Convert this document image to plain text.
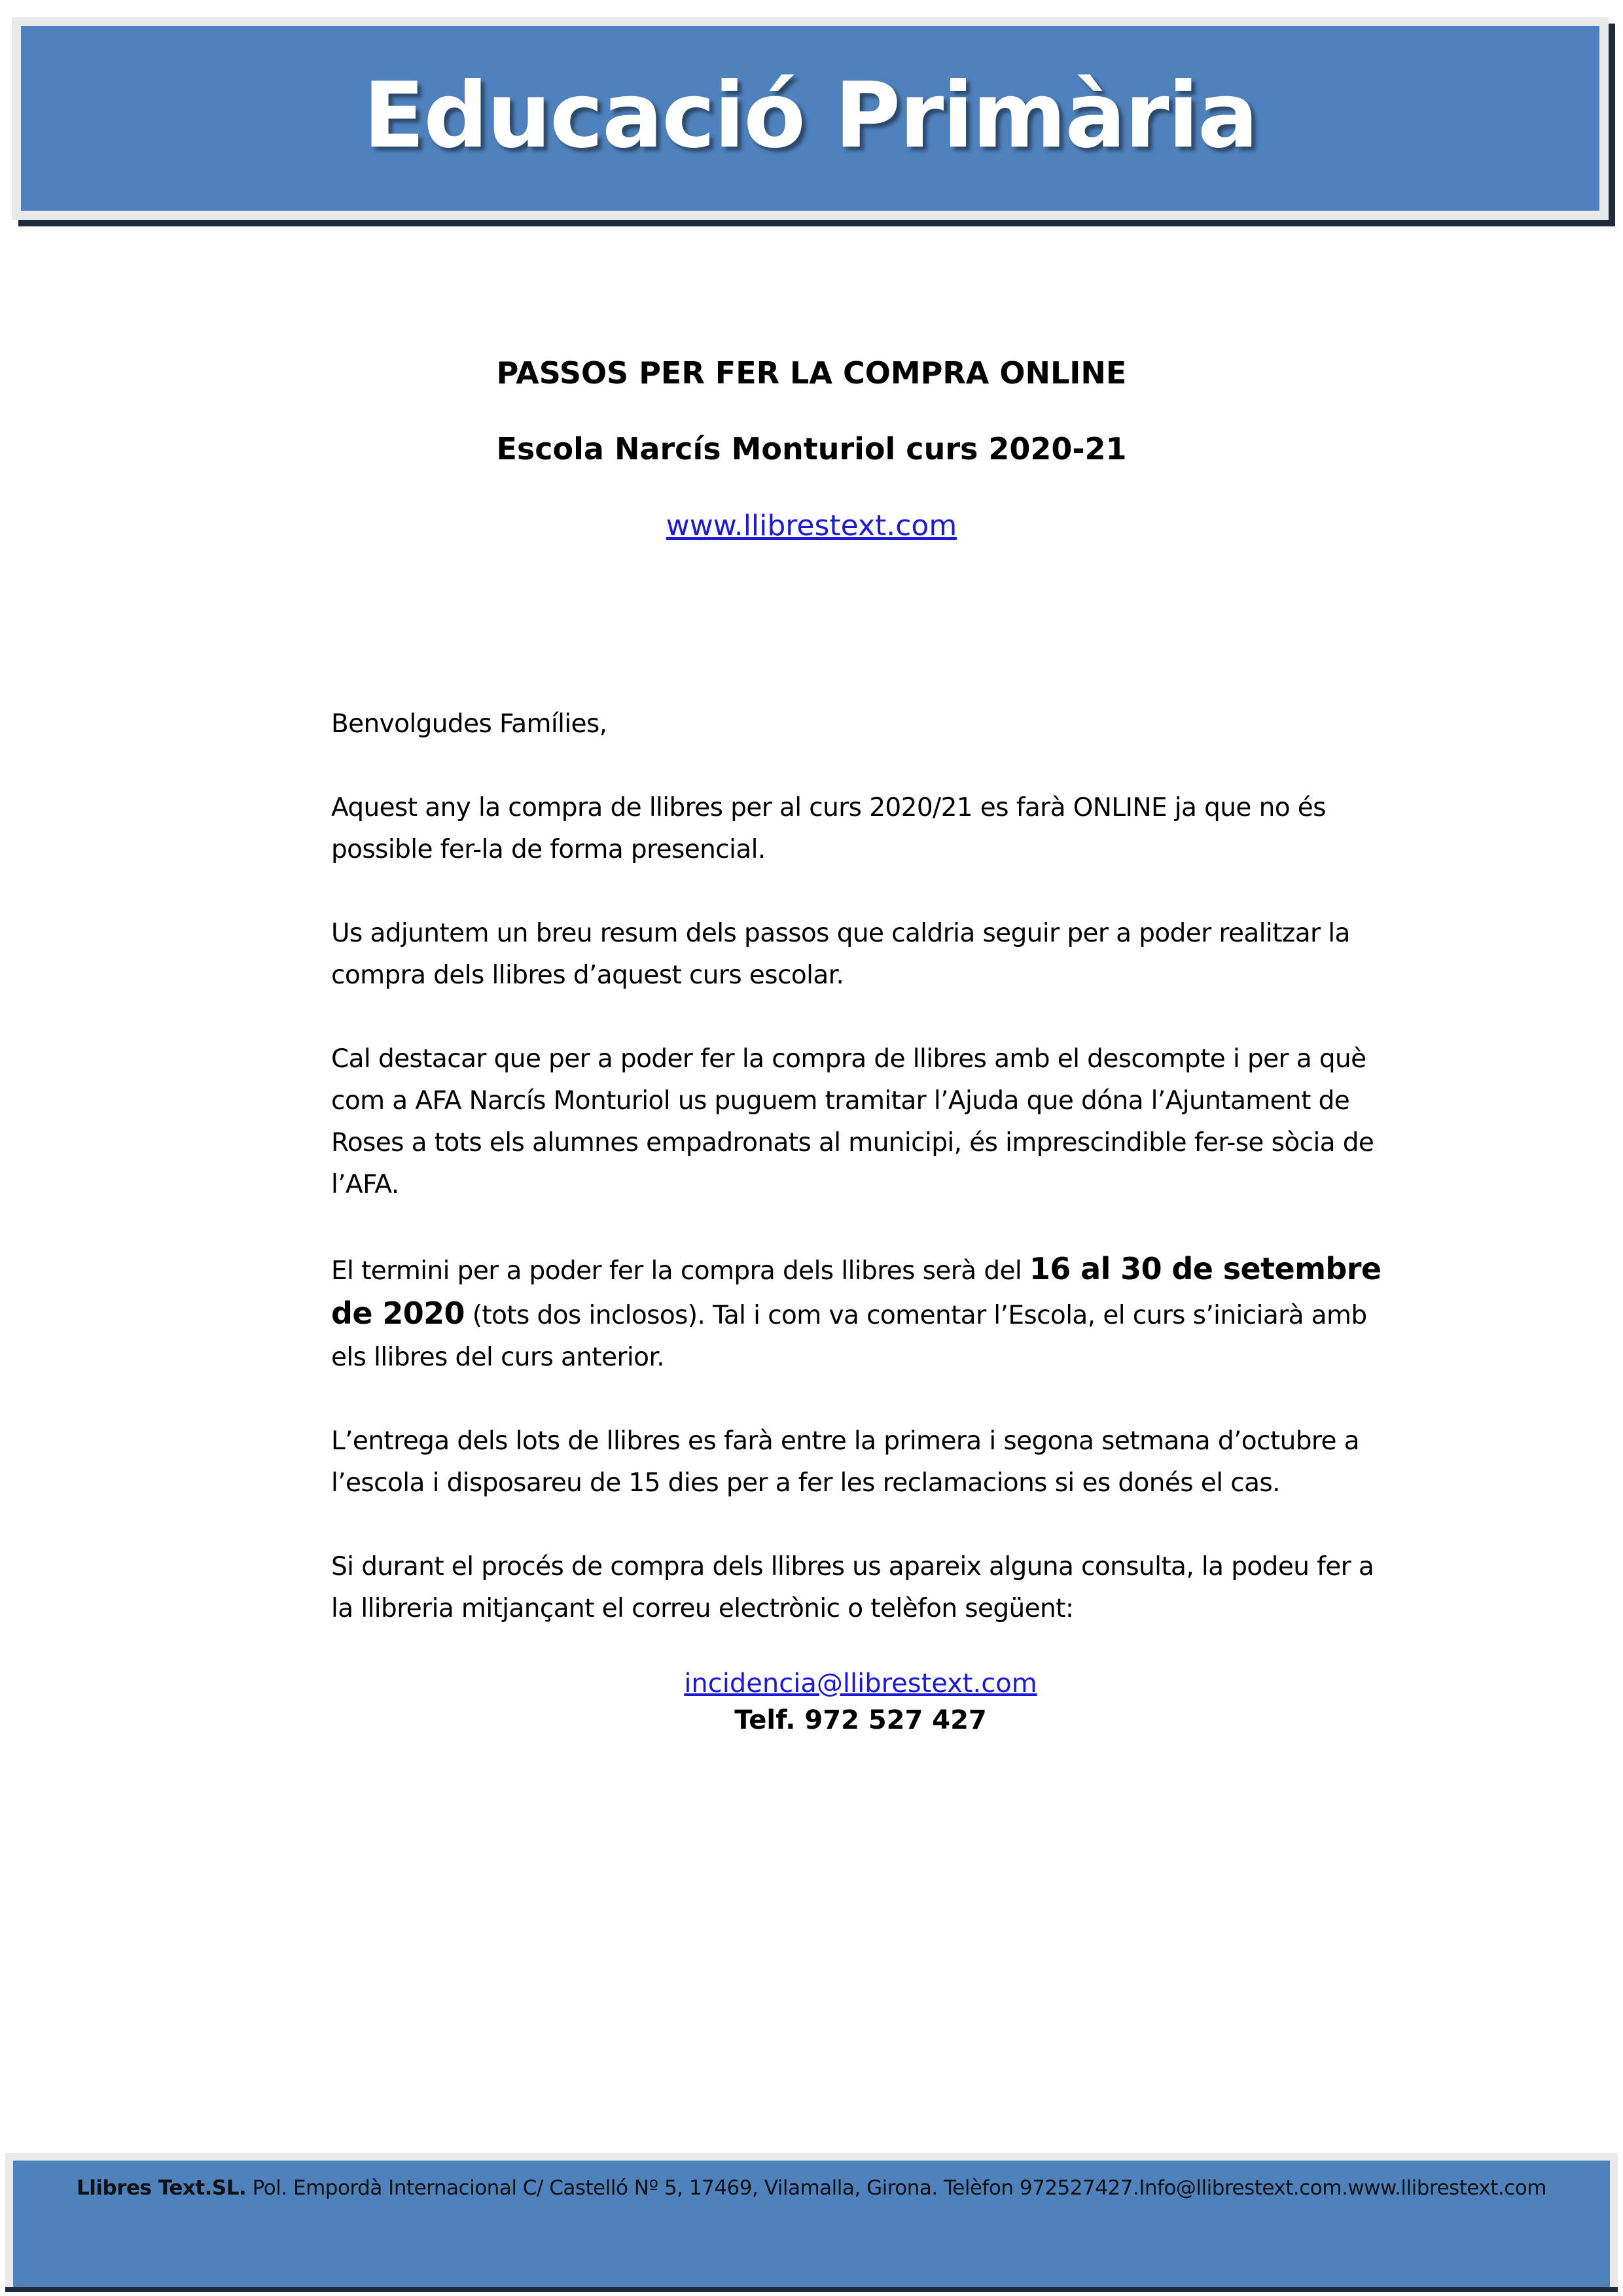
Educació Primària
PASSOS PER FER LA COMPRA ONLINE
Escola Narcís Monturiol curs 2020-21
www.llibrestext.com

Benvolgudes Famílies,

Aquest any la compra de llibres per al curs 2020/21 es farà ONLINE ja que no és possible fer-la de forma presencial.

Us adjuntem un breu resum dels passos que caldria seguir per a poder realitzar la compra dels llibres d’aquest curs escolar.

Cal destacar que per a poder fer la compra de llibres amb el descompte i per a què com a AFA Narcís Monturiol us puguem tramitar l’Ajuda que dóna l’Ajuntament de Roses a tots els alumnes empadronats al municipi, és imprescindible fer-se sòcia de l’AFA.

El termini per a poder fer la compra dels llibres serà del 16 al 30 de setembre de 2020 (tots dos inclosos). Tal i com va comentar l’Escola, el curs s’iniciarà amb els llibres del curs anterior.

L’entrega dels lots de llibres es farà entre la primera i segona setmana d’octubre a l’escola i disposareu de 15 dies per a fer les reclamacions si es donés el cas.

Si durant el procés de compra dels llibres us apareix alguna consulta, la podeu fer a la llibreria mitjançant el correu electrònic o telèfon següent:

incidencia@llibrestext.com
Telf. 972 527 427
Llibres Text.SL. Pol. Empordà Internacional C/ Castelló Nº 5, 17469, Vilamalla, Girona. Telèfon 972527427.Info@llibrestext.com.www.llibrestext.com
